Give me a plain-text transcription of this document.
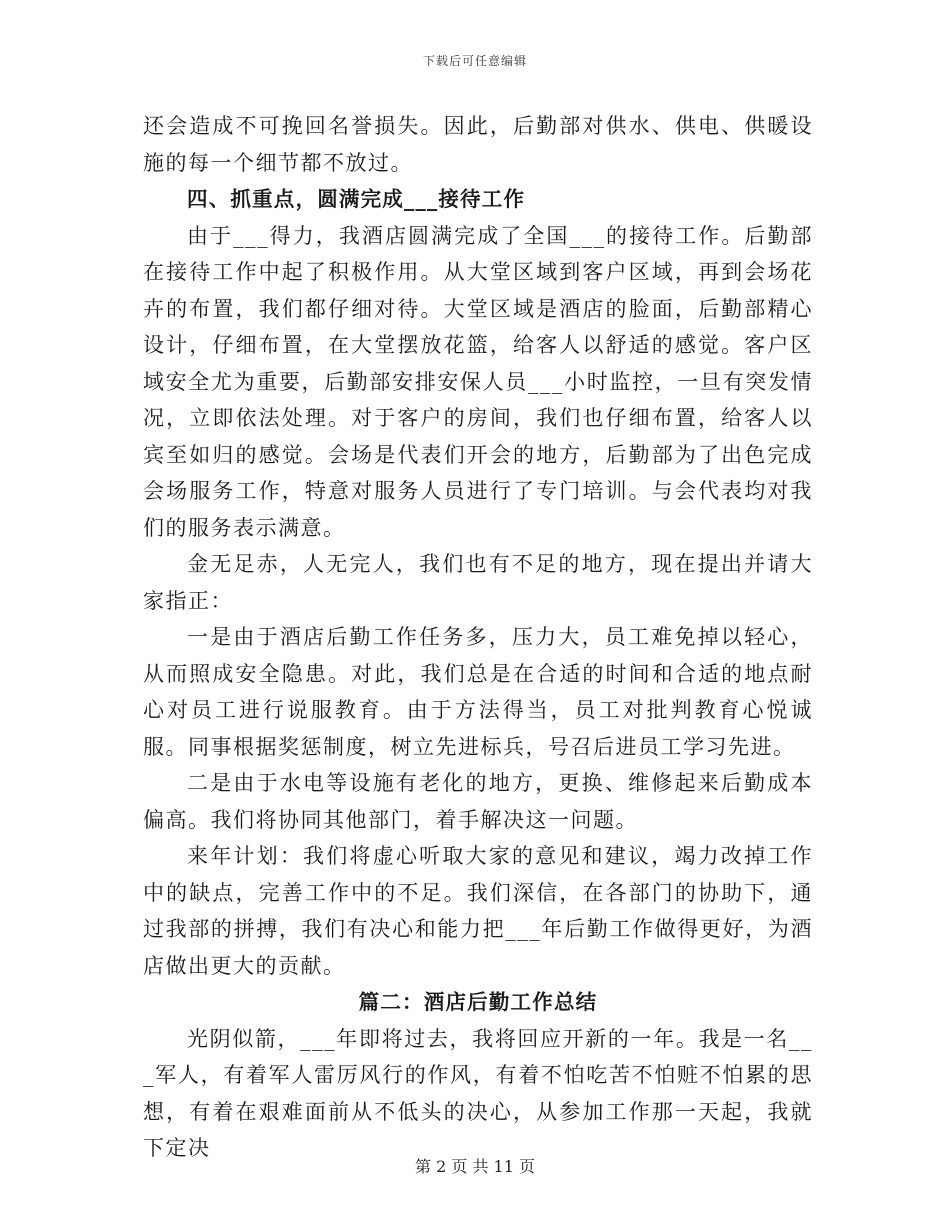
下载后可任意编辑

还会造成不可挽回名誉损失。因此，后勤部对供水、供电、供暖设施的每一个细节都不放过。

四、抓重点，圆满完成___接待工作

由于___得力，我酒店圆满完成了全国___的接待工作。后勤部在接待工作中起了积极作用。从大堂区域到客户区域，再到会场花卉的布置，我们都仔细对待。大堂区域是酒店的脸面，后勤部精心设计，仔细布置，在大堂摆放花篮，给客人以舒适的感觉。客户区域安全尤为重要，后勤部安排安保人员___小时监控，一旦有突发情况，立即依法处理。对于客户的房间，我们也仔细布置，给客人以宾至如归的感觉。会场是代表们开会的地方，后勤部为了出色完成会场服务工作，特意对服务人员进行了专门培训。与会代表均对我们的服务表示满意。

金无足赤，人无完人，我们也有不足的地方，现在提出并请大家指正：

一是由于酒店后勤工作任务多，压力大，员工难免掉以轻心，从而照成安全隐患。对此，我们总是在合适的时间和合适的地点耐心对员工进行说服教育。由于方法得当，员工对批判教育心悦诚服。同事根据奖惩制度，树立先进标兵，号召后进员工学习先进。

二是由于水电等设施有老化的地方，更换、维修起来后勤成本偏高。我们将协同其他部门，着手解决这一问题。

来年计划：我们将虚心听取大家的意见和建议，竭力改掉工作中的缺点，完善工作中的不足。我们深信，在各部门的协助下，通过我部的拼搏，我们有决心和能力把___年后勤工作做得更好，为酒店做出更大的贡献。

篇二：酒店后勤工作总结

光阴似箭，___年即将过去，我将回应开新的一年。我是一名___军人，有着军人雷厉风行的作风，有着不怕吃苦不怕赃不怕累的思想，有着在艰难面前从不低头的决心，从参加工作那一天起，我就下定决

第 2 页 共 11 页
